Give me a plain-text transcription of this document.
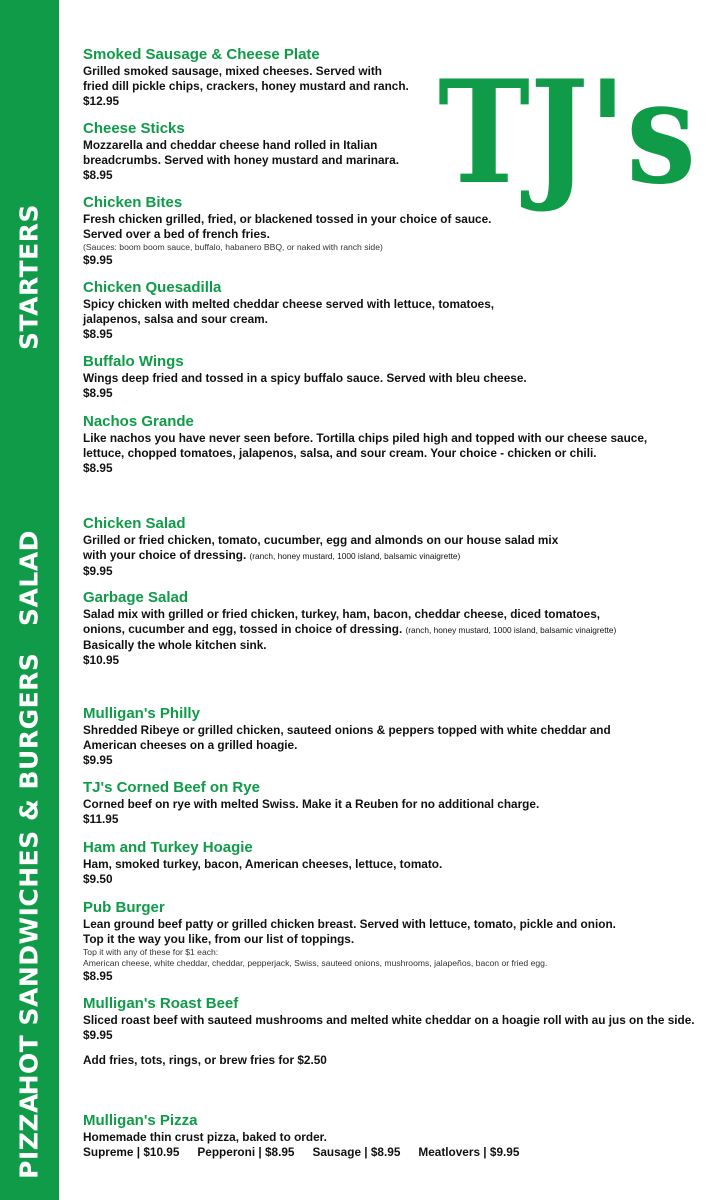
STARTERS
SALAD
HOT SANDWICHES & BURGERS
PIZZA
TJ's

Smoked Sausage & Cheese Plate

Grilled smoked sausage, mixed cheeses. Served with

fried dill pickle chips, crackers, honey mustard and ranch.

$12.95

Cheese Sticks

Mozzarella and cheddar cheese hand rolled in Italian

breadcrumbs. Served with honey mustard and marinara.

$8.95

Chicken Bites

Fresh chicken grilled, fried, or blackened tossed in your choice of sauce.

Served over a bed of french fries.

(Sauces: boom boom sauce, buffalo, habanero BBQ, or naked with ranch side)

$9.95

Chicken Quesadilla

Spicy chicken with melted cheddar cheese served with lettuce, tomatoes,

jalapenos, salsa and sour cream.

$8.95

Buffalo Wings

Wings deep fried and tossed in a spicy buffalo sauce. Served with bleu cheese.

$8.95

Nachos Grande

Like nachos you have never seen before. Tortilla chips piled high and topped with our cheese sauce,

lettuce, chopped tomatoes, jalapenos, salsa, and sour cream. Your choice - chicken or chili.

$8.95

Chicken Salad

Grilled or fried chicken, tomato, cucumber, egg and almonds on our house salad mix

with your choice of dressing. (ranch, honey mustard, 1000 island, balsamic vinaigrette)

$9.95

Garbage Salad

Salad mix with grilled or fried chicken, turkey, ham, bacon, cheddar cheese, diced tomatoes,

onions, cucumber and egg, tossed in choice of dressing. (ranch, honey mustard, 1000 island, balsamic vinaigrette)

Basically the whole kitchen sink.

$10.95

Mulligan's Philly

Shredded Ribeye or grilled chicken, sauteed onions & peppers topped with white cheddar and

American cheeses on a grilled hoagie.

$9.95

TJ's Corned Beef on Rye

Corned beef on rye with melted Swiss. Make it a Reuben for no additional charge.

$11.95

Ham and Turkey Hoagie

Ham, smoked turkey, bacon, American cheeses, lettuce, tomato.

$9.50

Pub Burger

Lean ground beef patty or grilled chicken breast. Served with lettuce, tomato, pickle and onion.

Top it the way you like, from our list of toppings.

Top it with any of these for $1 each:

American cheese, white cheddar, cheddar, pepperjack, Swiss, sauteed onions, mushrooms, jalapeños, bacon or fried egg.

$8.95

Mulligan's Roast Beef

Sliced roast beef with sauteed mushrooms and melted white cheddar on a hoagie roll with au jus on the side.

$9.95

Add fries, tots, rings, or brew fries for $2.50

Mulligan's Pizza

Homemade thin crust pizza, baked to order.

Supreme | $10.95 Pepperoni | $8.95 Sausage | $8.95 Meatlovers | $9.95
